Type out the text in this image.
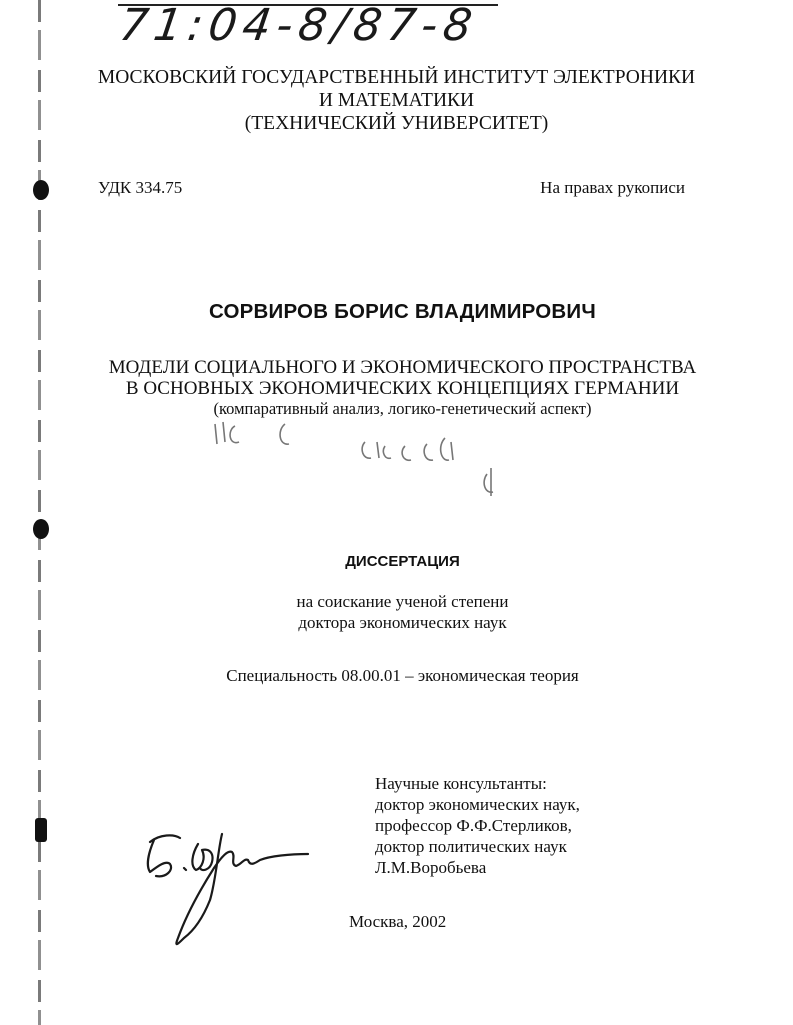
71:04-8/87-8
МОСКОВСКИЙ ГОСУДАРСТВЕННЫЙ ИНСТИТУТ ЭЛЕКТРОНИКИ
И МАТЕМАТИКИ
(ТЕХНИЧЕСКИЙ УНИВЕРСИТЕТ)
УДК 334.75	На правах рукописи
СОРВИРОВ БОРИС ВЛАДИМИРОВИЧ
МОДЕЛИ СОЦИАЛЬНОГО И ЭКОНОМИЧЕСКОГО ПРОСТРАНСТВА
В ОСНОВНЫХ ЭКОНОМИЧЕСКИХ КОНЦЕПЦИЯХ ГЕРМАНИИ
(компаративный анализ, логико-генетический аспект)
ДИССЕРТАЦИЯ
на соискание ученой степени
доктора экономических наук
Специальность 08.00.01 – экономическая теория
Научные консультанты:
доктор экономических наук,
профессор Ф.Ф.Стерликов,
доктор политических наук
Л.М.Воробьева
Москва, 2002
